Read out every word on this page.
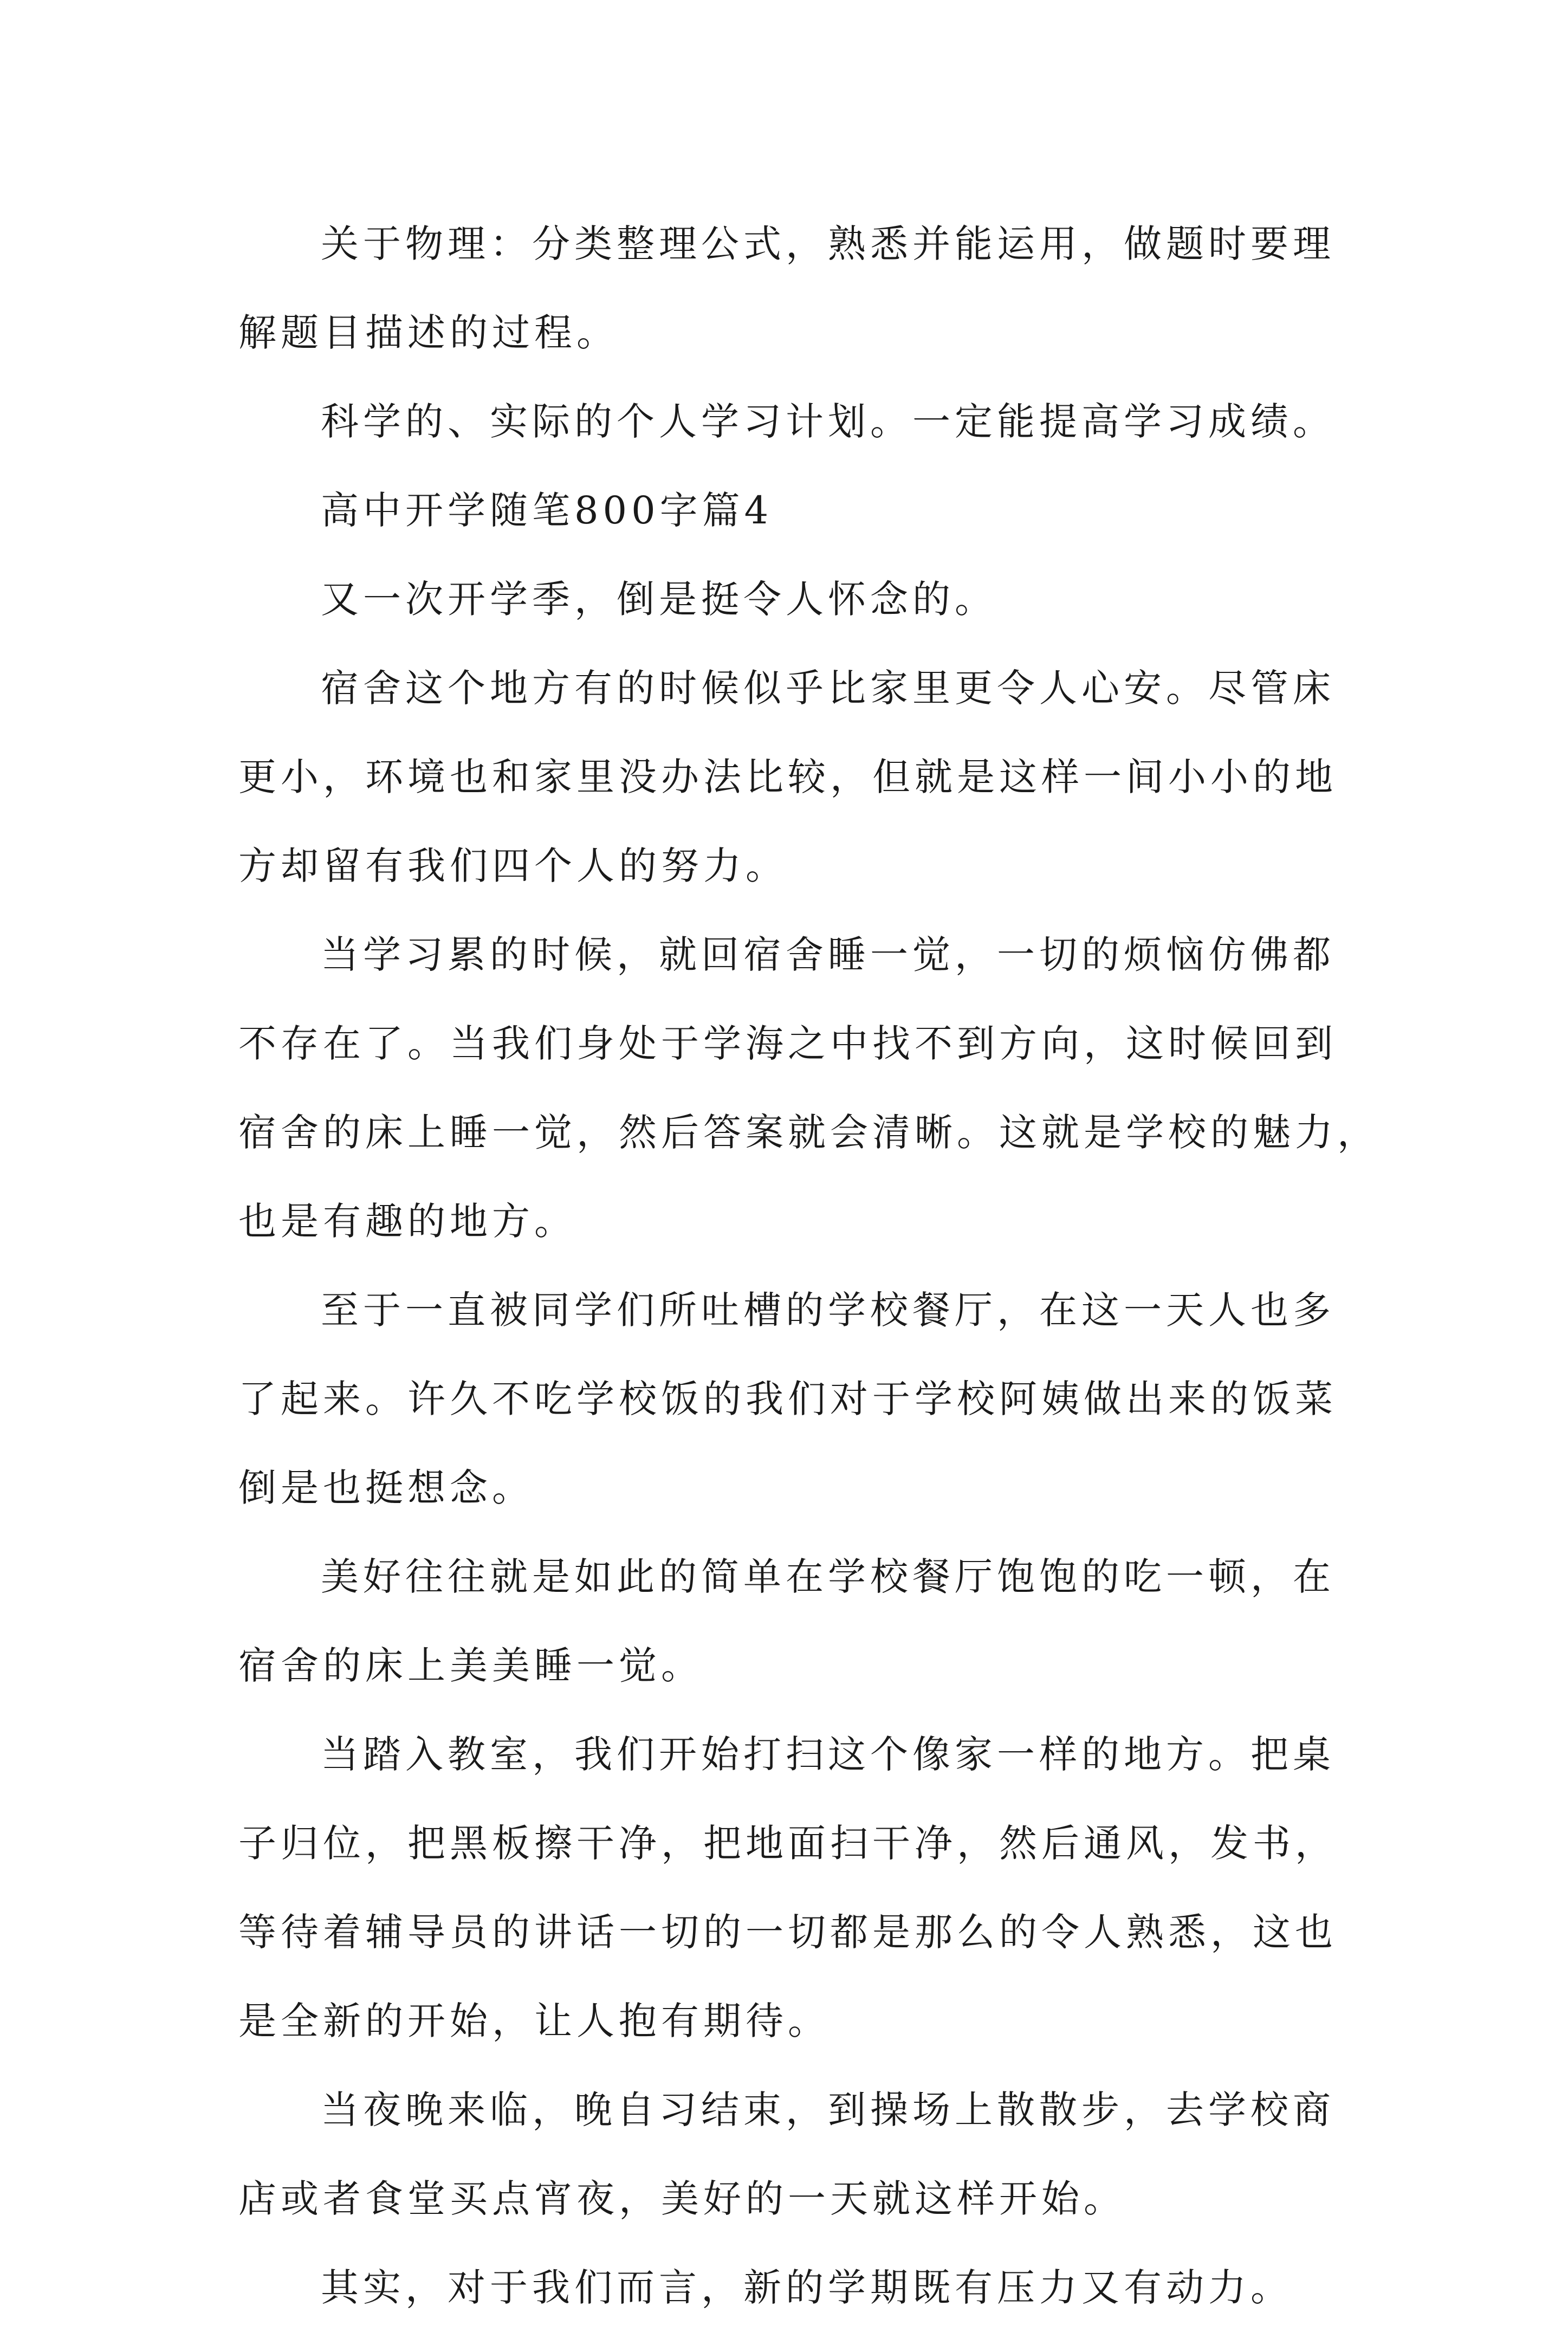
关于物理：分类整理公式，熟悉并能运用，做题时要理
解题目描述的过程。

科学的、实际的个人学习计划。一定能提高学习成绩。

高中开学随笔800字篇4

又一次开学季，倒是挺令人怀念的。

宿舍这个地方有的时候似乎比家里更令人心安。尽管床
更小，环境也和家里没办法比较，但就是这样一间小小的地
方却留有我们四个人的努力。

当学习累的时候，就回宿舍睡一觉，一切的烦恼仿佛都
不存在了。当我们身处于学海之中找不到方向，这时候回到
宿舍的床上睡一觉，然后答案就会清晰。这就是学校的魅力，
也是有趣的地方。

至于一直被同学们所吐槽的学校餐厅，在这一天人也多
了起来。许久不吃学校饭的我们对于学校阿姨做出来的饭菜
倒是也挺想念。

美好往往就是如此的简单在学校餐厅饱饱的吃一顿，在
宿舍的床上美美睡一觉。

当踏入教室，我们开始打扫这个像家一样的地方。把桌
子归位，把黑板擦干净，把地面扫干净，然后通风，发书，
等待着辅导员的讲话一切的一切都是那么的令人熟悉，这也
是全新的开始，让人抱有期待。

当夜晚来临，晚自习结束，到操场上散散步，去学校商
店或者食堂买点宵夜，美好的一天就这样开始。

其实，对于我们而言，新的学期既有压力又有动力。
